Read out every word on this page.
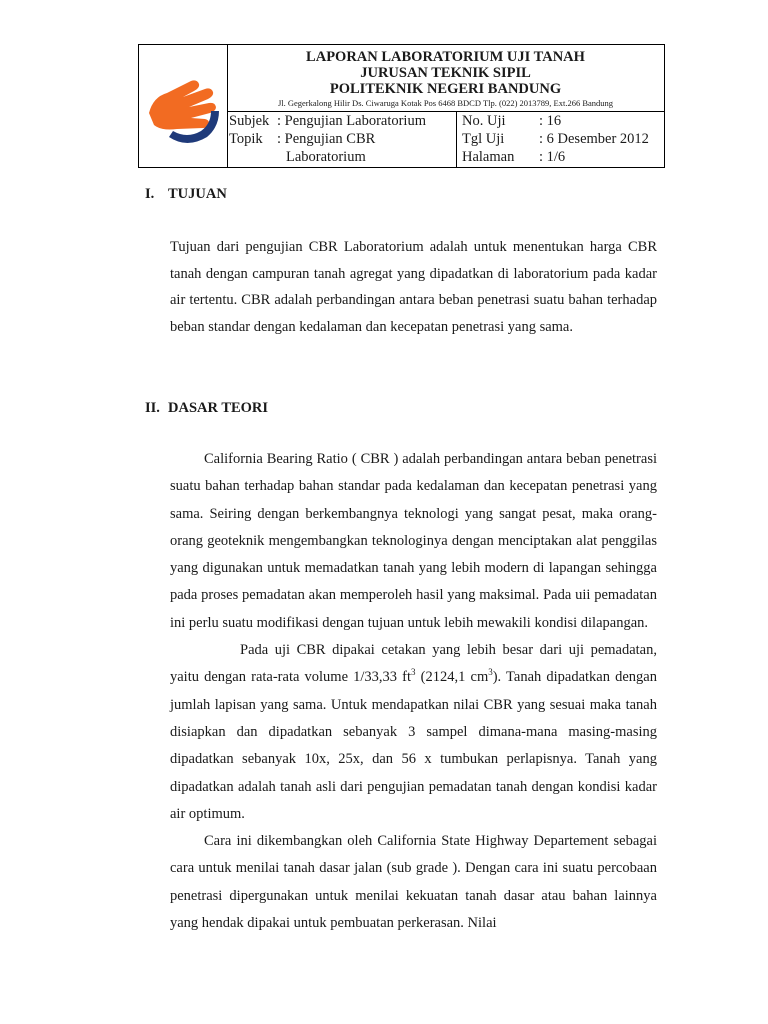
LAPORAN LABORATORIUM UJI TANAH
JURUSAN TEKNIK SIPIL
POLITEKNIK NEGERI BANDUNG
Jl. Gegerkalong Hilir Ds. Ciwaruga Kotak Pos 6468 BDCD Tlp. (022) 2013789, Ext.266 Bandung
Subjek : Pengujian Laboratorium
Topik : Pengujian CBR
Laboratorium
No. Uji	: 16
Tgl Uji	: 6 Desember 2012
Halaman	: 1/6
I. TUJUAN
Tujuan dari pengujian CBR Laboratorium adalah untuk menentukan harga CBR tanah dengan campuran tanah agregat yang dipadatkan di laboratorium pada kadar air tertentu. CBR adalah perbandingan antara beban penetrasi suatu bahan terhadap beban standar dengan kedalaman dan kecepatan penetrasi yang sama.
II. DASAR TEORI

California Bearing Ratio ( CBR ) adalah perbandingan antara beban penetrasi suatu bahan terhadap bahan standar pada kedalaman dan kecepatan penetrasi yang sama. Seiring dengan berkembangnya teknologi yang sangat pesat, maka orang-orang geoteknik mengembangkan teknologinya dengan menciptakan alat penggilas yang digunakan untuk memadatkan tanah yang lebih modern di lapangan sehingga pada proses pemadatan akan memperoleh hasil yang maksimal. Pada uii pemadatan ini perlu suatu modifikasi dengan tujuan untuk lebih mewakili kondisi dilapangan.

Pada uji CBR dipakai cetakan yang lebih besar dari uji pemadatan, yaitu dengan rata-rata volume 1/33,33 $ft^3$ (2124,1 $cm^3$). Tanah dipadatkan dengan jumlah lapisan yang sama. Untuk mendapatkan nilai CBR yang sesuai maka tanah disiapkan dan dipadatkan sebanyak 3 sampel dimana-mana masing-masing dipadatkan sebanyak 10x, 25x, dan 56 x tumbukan perlapisnya. Tanah yang dipadatkan adalah tanah asli dari pengujian pemadatan tanah dengan kondisi kadar air optimum.

Cara ini dikembangkan oleh California State Highway Departement sebagai cara untuk menilai tanah dasar jalan (sub grade ). Dengan cara ini suatu percobaan penetrasi dipergunakan untuk menilai kekuatan tanah dasar atau bahan lainnya yang hendak dipakai untuk pembuatan perkerasan. Nilai
